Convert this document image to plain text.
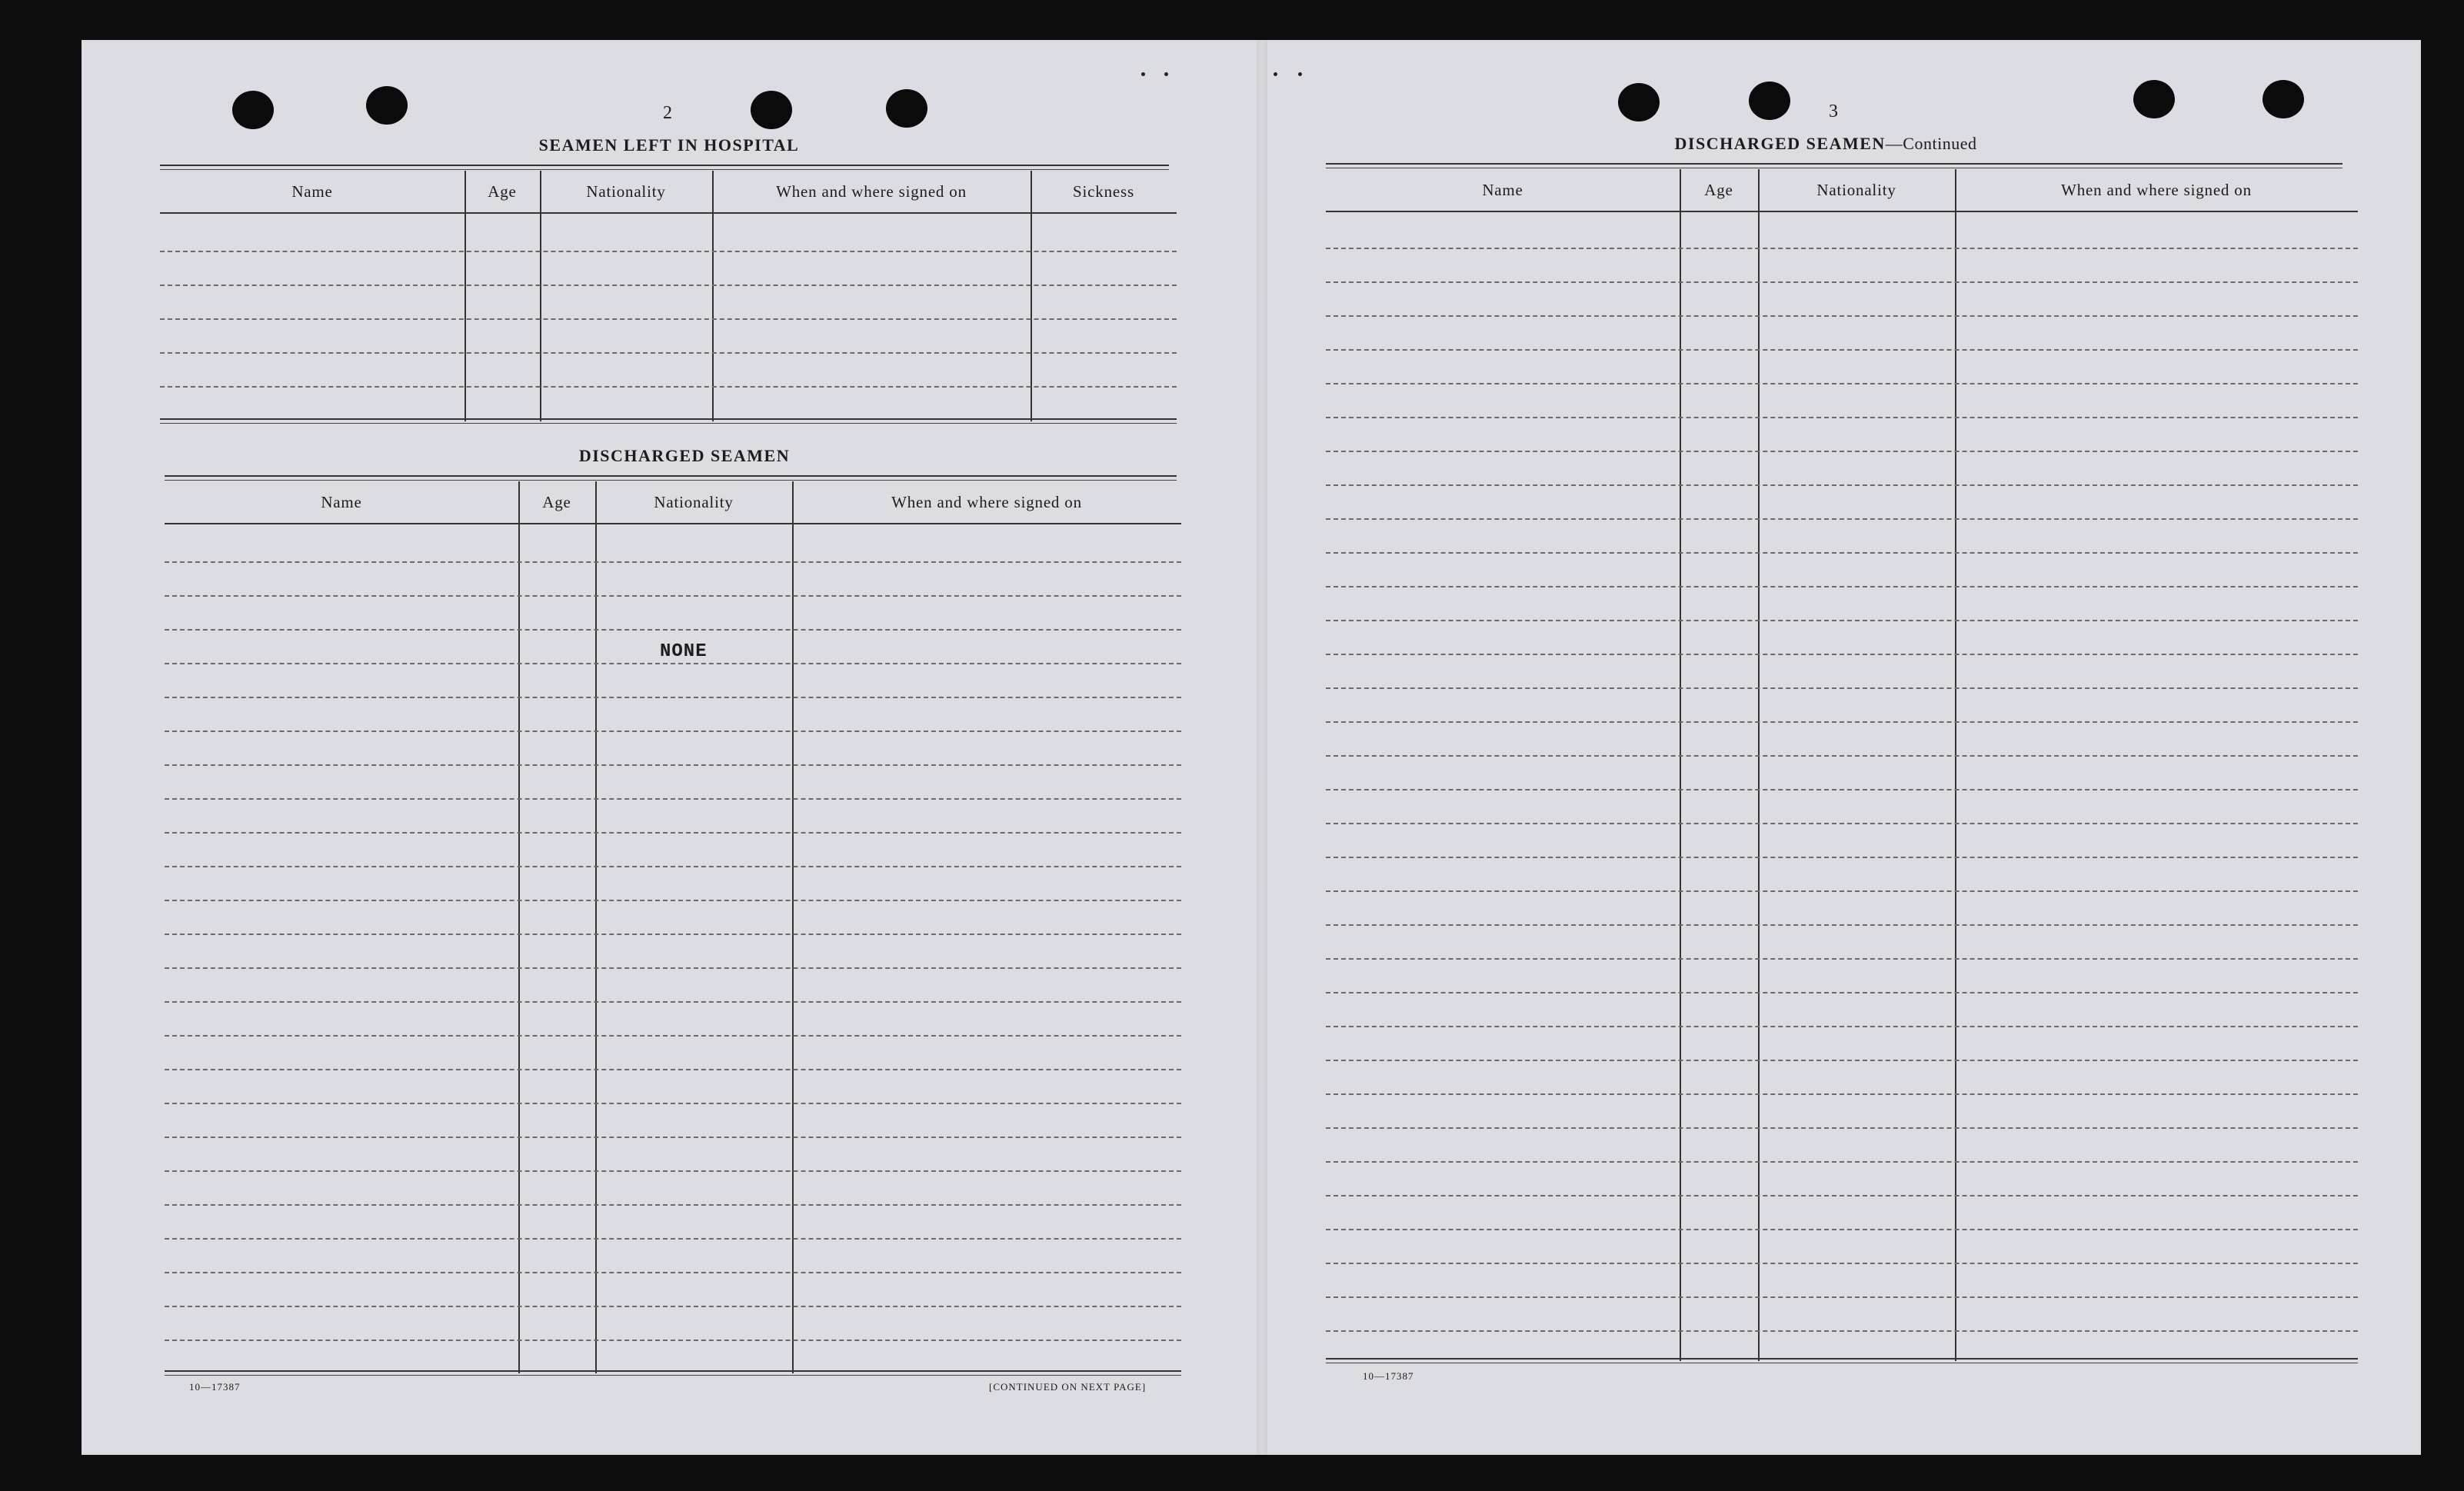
2
SEAMEN LEFT IN HOSPITAL
Name	Age	Nationality	When and where signed on	Sickness
DISCHARGED SEAMEN
Name	Age	Nationality	When and where signed on
NONE
10—17387	[CONTINUED ON NEXT PAGE]
3
DISCHARGED SEAMEN—Continued
Name	Age	Nationality	When and where signed on
10—17387
